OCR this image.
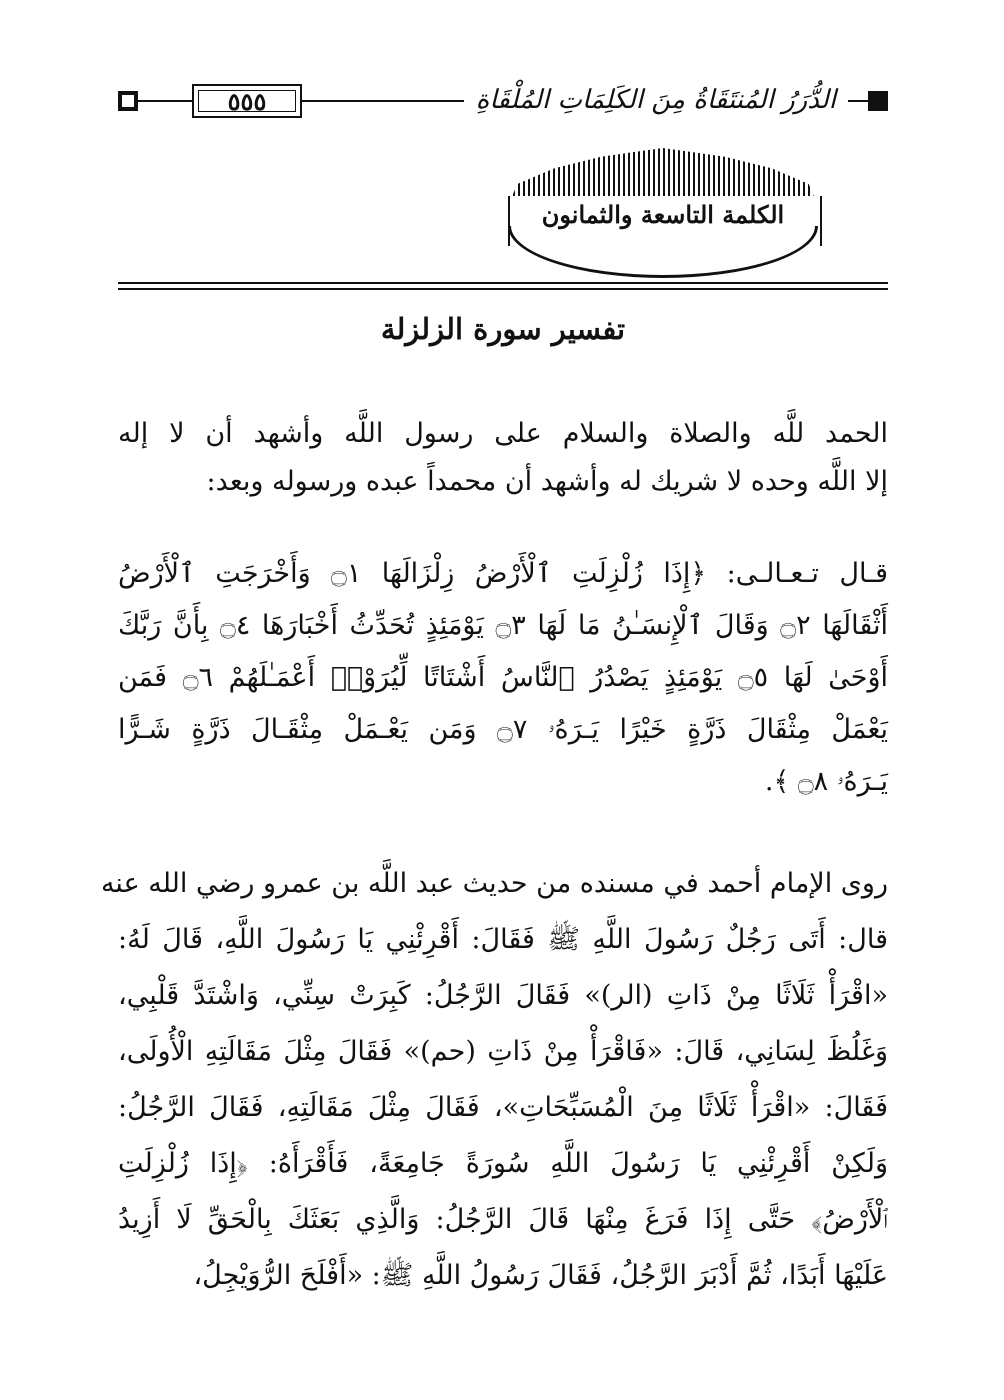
٥٥٥	الدُّرَرُ المُنتَقَاةُ مِنَ الكَلِمَاتِ المُلْقَاةِ
الكلمة التاسعة والثمانون
تفسير سورة الزلزلة
الحمد للَّه والصلاة والسلام على رسول اللَّه وأشهد أن لا إله إلا اللَّه وحده لا شريك له وأشهد أن محمداً عبده ورسوله وبعد:
قـال تـعـالـى: ﴿إِذَا زُلْزِلَتِ ٱلْأَرْضُ زِلْزَالَهَا ۝١ وَأَخْرَجَتِ ٱلْأَرْضُ أَثْقَالَهَا ۝٢ وَقَالَ ٱلْإِنسَـٰنُ مَا لَهَا ۝٣ يَوْمَئِذٍ تُحَدِّثُ أَخْبَارَهَا ۝٤ بِأَنَّ رَبَّكَ أَوْحَىٰ لَهَا ۝٥ يَوْمَئِذٍ يَصْدُرُ ٱلنَّاسُ أَشْتَاتًا لِّيُرَوْا۟ أَعْمَـٰلَهُمْ ۝٦ فَمَن يَعْمَلْ مِثْقَالَ ذَرَّةٍ خَيْرًا يَـرَهُۥ ۝٧ وَمَن يَعْـمَلْ مِثْقَـالَ ذَرَّةٍ شَـرًّا يَـرَهُۥ ۝٨ ﴾.
روى الإمام أحمد في مسنده من حديث عبد اللَّه بن عمرو رضي الله عنه قال: أَتَى رَجُلٌ رَسُولَ اللَّهِ ﷺ فَقَالَ: أَقْرِئْنِي يَا رَسُولَ اللَّهِ، قَالَ لَهُ: «اقْرَأْ ثَلَاثًا مِنْ ذَاتِ (الر)» فَقَالَ الرَّجُلُ: كَبِرَتْ سِنِّي، وَاشْتَدَّ قَلْبِي، وَغَلُظَ لِسَانِي، قَالَ: «فَاقْرَأْ مِنْ ذَاتِ (حم)» فَقَالَ مِثْلَ مَقَالَتِهِ الْأُولَى، فَقَالَ: «اقْرَأْ ثَلَاثًا مِنَ الْمُسَبِّحَاتِ»، فَقَالَ مِثْلَ مَقَالَتِهِ، فَقَالَ الرَّجُلُ: وَلَكِنْ أَقْرِئْنِي يَا رَسُولَ اللَّهِ سُورَةً جَامِعَةً، فَأَقْرَأَهُ: ﴿إِذَا زُلْزِلَتِ ٱلْأَرْضُ﴾ حَتَّى إِذَا فَرَغَ مِنْهَا قَالَ الرَّجُلُ: وَالَّذِي بَعَثَكَ بِالْحَقِّ لَا أَزِيدُ عَلَيْهَا أَبَدًا، ثُمَّ أَدْبَرَ الرَّجُلُ، فَقَالَ رَسُولُ اللَّهِ ﷺ: «أَفْلَحَ الرُّوَيْجِلُ،
